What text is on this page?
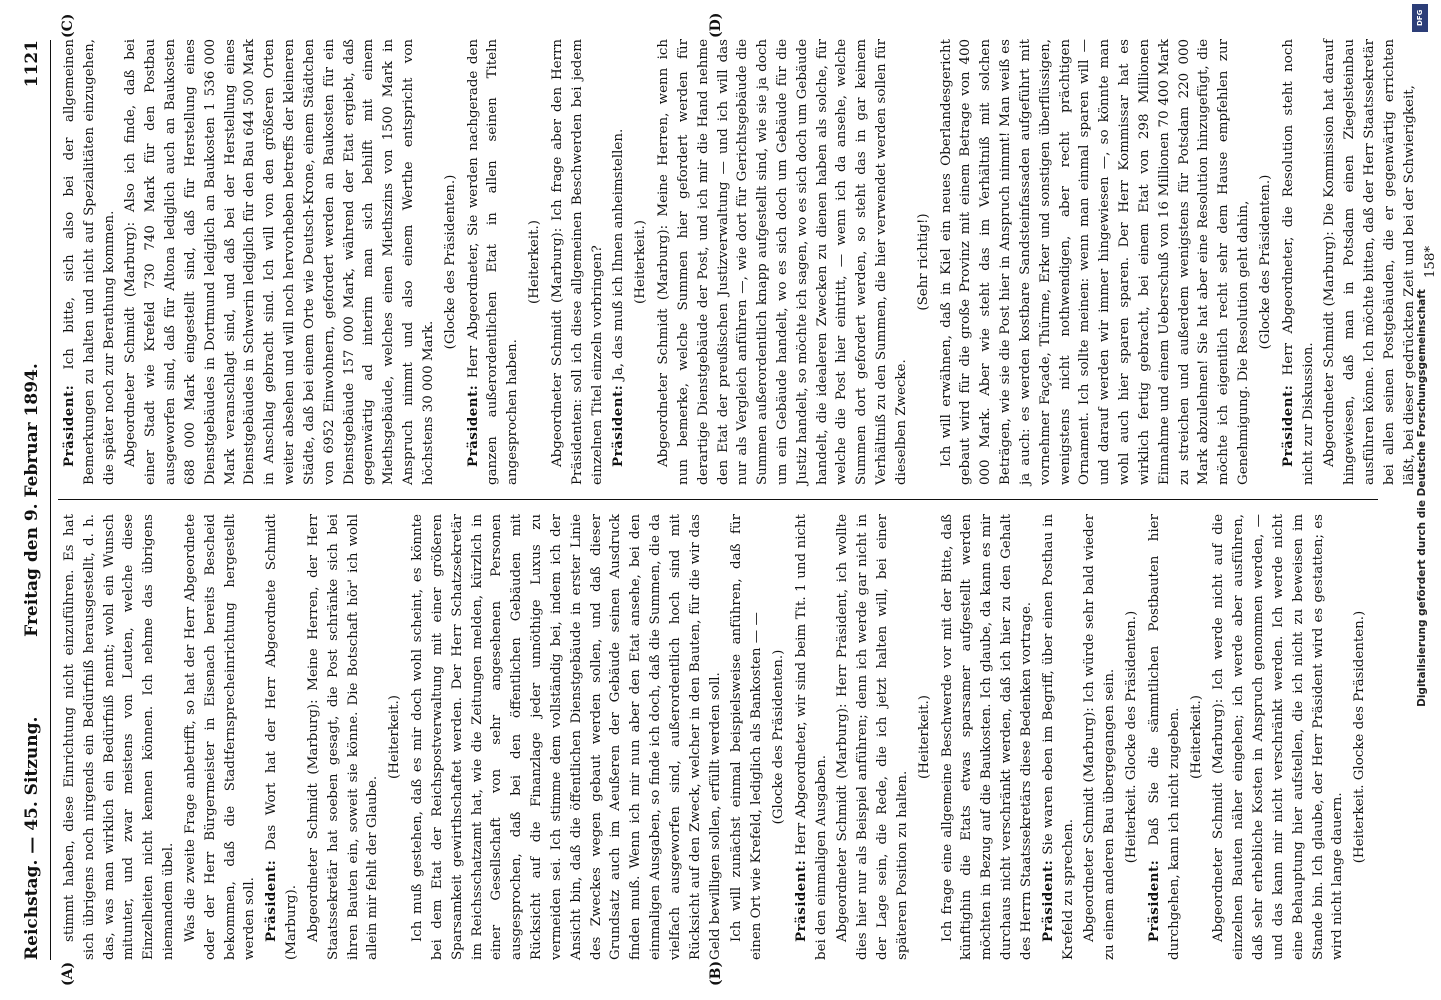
Reichstag. — 45. Sitzung.
Freitag den 9. Februar 1894.
1121
(A)	(B)
(C)	(D)

stimmt haben, diese Einrichtung nicht einzuführen. Es hat sich übrigens noch nirgends ein Bedürfniß herausgestellt, d. h. das, was man wirklich ein Bedürfniß nennt; wohl ein Wunsch mitunter, und zwar meistens von Leuten, welche diese Einzelheiten nicht kennen können. Ich nehme das übrigens niemandem übel. Was die zweite Frage anbetrifft, so hat der Herr Abgeordnete oder der Herr Bürgermeister in Eisenach bereits Bescheid bekommen, daß die Stadtfernsprecheinrichtung hergestellt werden soll. Präsident: Das Wort hat der Herr Abgeordnete Schmidt (Marburg). Abgeordneter Schmidt (Marburg): Meine Herren, der Herr Staatssekretär hat soeben gesagt, die Post schränke sich bei ihren Bauten ein, soweit sie könne. Die Botschaft hör' ich wohl allein mir fehlt der Glaube.

(Heiterkeit.) Ich muß gestehen, daß es mir doch wohl scheint, es könnte bei dem Etat der Reichspostverwaltung mit einer größeren Sparsamkeit gewirthschaftet werden. Der Herr Schatzsekretär im Reichsschatzamt hat, wie die Zeitungen melden, kürzlich in einer Gesellschaft von sehr angesehenen Personen ausgesprochen, daß bei den öffentlichen Gebäuden mit Rücksicht auf die Finanzlage jeder unnöthige Luxus zu vermeiden sei. Ich stimme dem vollständig bei, indem ich der Ansicht bin, daß die öffentlichen Dienstgebäude in erster Linie des Zweckes wegen gebaut werden sollen, und daß dieser Grundsatz auch im Aeußeren der Gebäude seinen Ausdruck finden muß. Wenn ich mir nun aber den Etat ansehe, bei den einmaligen Ausgaben, so finde ich doch, daß die Summen, die da vielfach ausgeworfen sind, außerordentlich hoch sind mit Rücksicht auf den Zweck, welcher in den Bauten, für die wir das Geld bewilligen sollen, erfüllt werden soll. Ich will zunächst einmal beispielsweise anführen, daß für einen Ort wie Krefeld, lediglich als Bankosten — — (Glocke des Präsidenten.)

Präsident: Herr Abgeordneter, wir sind beim Tit. 1 und nicht bei den einmaligen Ausgaben. Abgeordneter Schmidt (Marburg): Herr Präsident, ich wollte dies hier nur als Beispiel anführen; denn ich werde gar nicht in der Lage sein, die Rede, die ich jetzt halten will, bei einer späteren Position zu halten.

(Heiterkeit.) Ich frage eine allgemeine Beschwerde vor mit der Bitte, daß künftighin die Etats etwas sparsamer aufgestellt werden möchten in Bezug auf die Baukosten. Ich glaube, da kann es mir durchaus nicht verschränkt werden, daß ich hier zu den Gehalt des Herrn Staatssekretärs diese Bedenken vortrage. Präsident: Sie waren eben im Begriff, über einen Posthau in Krefeld zu sprechen. Abgeordneter Schmidt (Marburg): Ich würde sehr bald wieder zu einem anderen Bau übergegangen sein. (Heiterkeit. Glocke des Präsidenten.)

Präsident: Daß Sie die sämmtlichen Postbauten hier durchgehen, kann ich nicht zugeben. (Heiterkeit.) Abgeordneter Schmidt (Marburg): Ich werde nicht auf die einzelnen Bauten näher eingehen; ich werde aber ausführen, daß sehr erhebliche Kosten in Anspruch genommen werden, — und das kann mir nicht verschränkt werden. Ich werde nicht eine Behauptung hier aufstellen, die ich nicht zu beweisen im Stande bin. Ich glaube, der Herr Präsident wird es gestatten; es wird nicht lange dauern.

(Heiterkeit. Glocke des Präsidenten.)

Präsident: Ich bitte, sich also bei der allgemeinen Bemerkungen zu halten und nicht auf Spezialitäten einzugehen, die später noch zur Berathung kommen. Abgeordneter Schmidt (Marburg): Also ich finde, daß bei einer Stadt wie Krefeld 730 740 Mark für den Postbau ausgeworfen sind, daß für Altona lediglich auch an Baukosten 688 000 Mark eingestellt sind, daß für Herstellung eines Dienstgebäudes in Dortmund lediglich an Baukosten 1 536 000 Mark veranschlagt sind, und daß bei der Herstellung eines Dienstgebäudes in Schwerin lediglich für den Bau 644 500 Mark in Anschlag gebracht sind. Ich will von den größeren Orten weiter absehen und will noch hervorheben betreffs der kleineren Städte, daß bei einem Orte wie Deutsch-Krone, einem Städtchen von 6952 Einwohnern, gefordert werden an Baukosten für ein Dienstgebäude 157 000 Mark, während der Etat ergiebt, daß gegenwärtig ad interim man sich behilft mit einem Miethsgebäude, welches einen Miethszins von 1500 Mark in Anspruch nimmt und also einem Werthe entspricht von höchstens 30 000 Mark.

(Glocke des Präsidenten.)

Präsident: Herr Abgeordneter, Sie werden nachgerade den ganzen außerordentlichen Etat in allen seinen Titeln angesprochen haben.

(Heiterkeit.) Abgeordneter Schmidt (Marburg): Ich frage aber den Herrn Präsidenten: soll ich diese allgemeinen Beschwerden bei jedem einzelnen Titel einzeln vorbringen? Präsident: Ja, das muß ich Ihnen anheimstellen. (Heiterkeit.) Abgeordneter Schmidt (Marburg): Meine Herren, wenn ich nun bemerke, welche Summen hier gefordert werden für derartige Dienstgebäude der Post, und ich mir die Hand nehme den Etat der preußischen Justizverwaltung — und ich will das nur als Vergleich anführen —, wie dort für Gerichtsgebäude die Summen außerordentlich knapp aufgestellt sind, wie sie ja doch um ein Gebäude handelt, wo es sich doch um Gebäude für die Justiz handelt, so möchte ich sagen, wo es sich doch um Gebäude handelt, die idealeren Zwecken zu dienen haben als solche, für welche die Post hier eintritt, — wenn ich da ansehe, welche Summen dort gefordert werden, so steht das in gar keinem Verhältniß zu den Summen, die hier verwendet werden sollen für dieselben Zwecke.

(Sehr richtig!) Ich will erwähnen, daß in Kiel ein neues Oberlandesgericht gebaut wird für die große Provinz mit einem Betrage von 400 000 Mark. Aber wie steht das im Verhältniß mit solchen Beträgen, wie sie die Post hier in Anspruch nimmt! Man weiß es ja auch: es werden kostbare Sandsteinfassaden aufgeführt mit vornehmer Façade, Thürme, Erker und sonstigen überflüssigen, wenigstens nicht nothwendigen, aber recht prächtigen Ornament. Ich sollte meinen: wenn man einmal sparen will — und darauf werden wir immer hingewiesen —, so könnte man wohl auch hier sparen sparen. Der Herr Kommissar hat es wirklich fertig gebracht, bei einem Etat von 298 Millionen Einnahme und einem Ueberschuß von 16 Millionen 70 400 Mark zu streichen und außerdem wenigstens für Potsdam 220 000 Mark abzulehnen! Sie hat aber eine Resolution hinzugefügt, die möchte ich eigentlich recht sehr dem Hause empfehlen zur Genehmigung. Die Resolution geht dahin, (Glocke des Präsidenten.)

Präsident: Herr Abgeordneter, die Resolution steht noch nicht zur Diskussion. Abgeordneter Schmidt (Marburg): Die Kommission hat darauf hingewiesen, daß man in Potsdam einen Ziegelsteinbau ausführen könne. Ich möchte bitten, daß der Herr Staatssekretär bei allen seinen Postgebäuden, die er gegenwärtig errichten läßt, bei dieser gedrückten Zeit und bei der Schwierigkeit, 158*

Digitalisierung gefördert durch die Deutsche Forschungsgemeinschaft
DFG
